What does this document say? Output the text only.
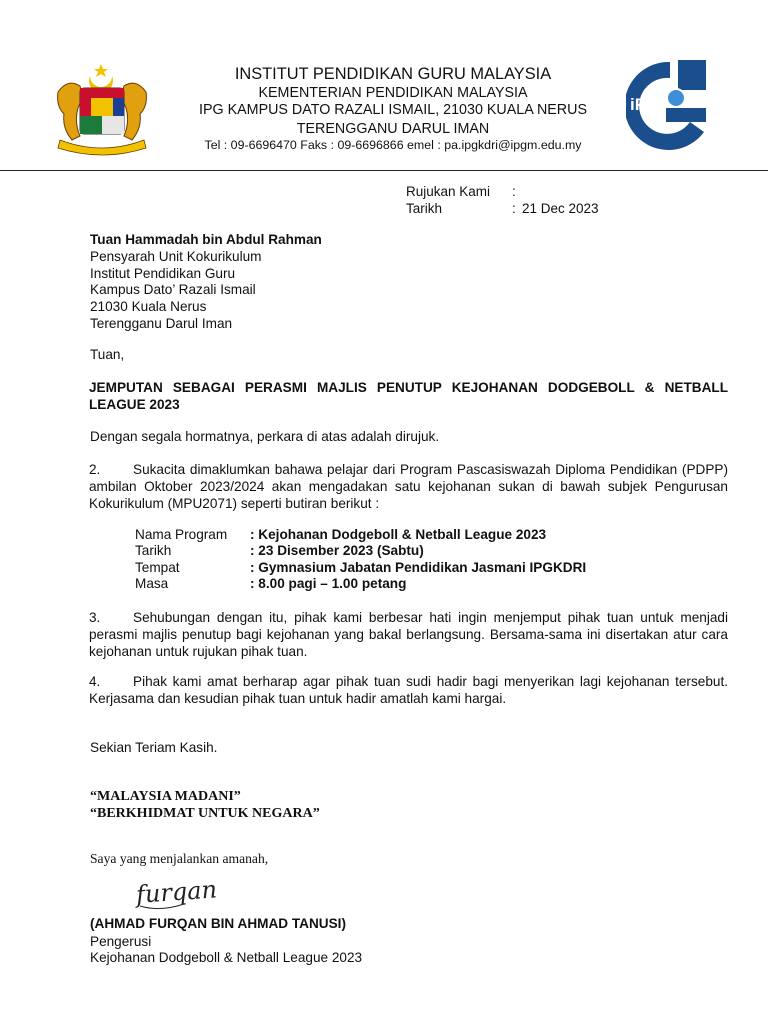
INSTITUT PENDIDIKAN GURU MALAYSIA
KEMENTERIAN PENDIDIKAN MALAYSIA
IPG KAMPUS DATO RAZALI ISMAIL, 21030 KUALA NERUS
TERENGGANU DARUL IMAN
Tel : 09-6696470 Faks : 09-6696866 emel : pa.ipgkdri@ipgm.edu.my
iPG
Rujukan Kami :
Tarikh	: 21 Dec 2023
Tuan Hammadah bin Abdul Rahman
Pensyarah Unit Kokurikulum
Institut Pendidikan Guru
Kampus Dato’ Razali Ismail
21030 Kuala Nerus
Terengganu Darul Iman
Tuan,
JEMPUTAN SEBAGAI PERASMI MAJLIS PENUTUP KEJOHANAN DODGEBOLL & NETBALL LEAGUE 2023
Dengan segala hormatnya, perkara di atas adalah dirujuk.
2. Sukacita dimaklumkan bahawa pelajar dari Program Pascasiswazah Diploma Pendidikan (PDPP) ambilan Oktober 2023/2024 akan mengadakan satu kejohanan sukan di bawah subjek Pengurusan Kokurikulum (MPU2071) seperti butiran berikut :
Nama Program : Kejohanan Dodgeboll & Netball League 2023
Tarikh	: 23 Disember 2023 (Sabtu)
Tempat	: Gymnasium Jabatan Pendidikan Jasmani IPGKDRI
Masa	: 8.00 pagi – 1.00 petang
3. Sehubungan dengan itu, pihak kami berbesar hati ingin menjemput pihak tuan untuk menjadi perasmi majlis penutup bagi kejohanan yang bakal berlangsung. Bersama-sama ini disertakan atur cara kejohanan untuk rujukan pihak tuan.
4. Pihak kami amat berharap agar pihak tuan sudi hadir bagi menyerikan lagi kejohanan tersebut. Kerjasama dan kesudian pihak tuan untuk hadir amatlah kami hargai.
Sekian Teriam Kasih.
“MALAYSIA MADANI”
“BERKHIDMAT UNTUK NEGARA”
Saya yang menjalankan amanah,
furqan
(AHMAD FURQAN BIN AHMAD TANUSI)
Pengerusi
Kejohanan Dodgeboll & Netball League 2023
